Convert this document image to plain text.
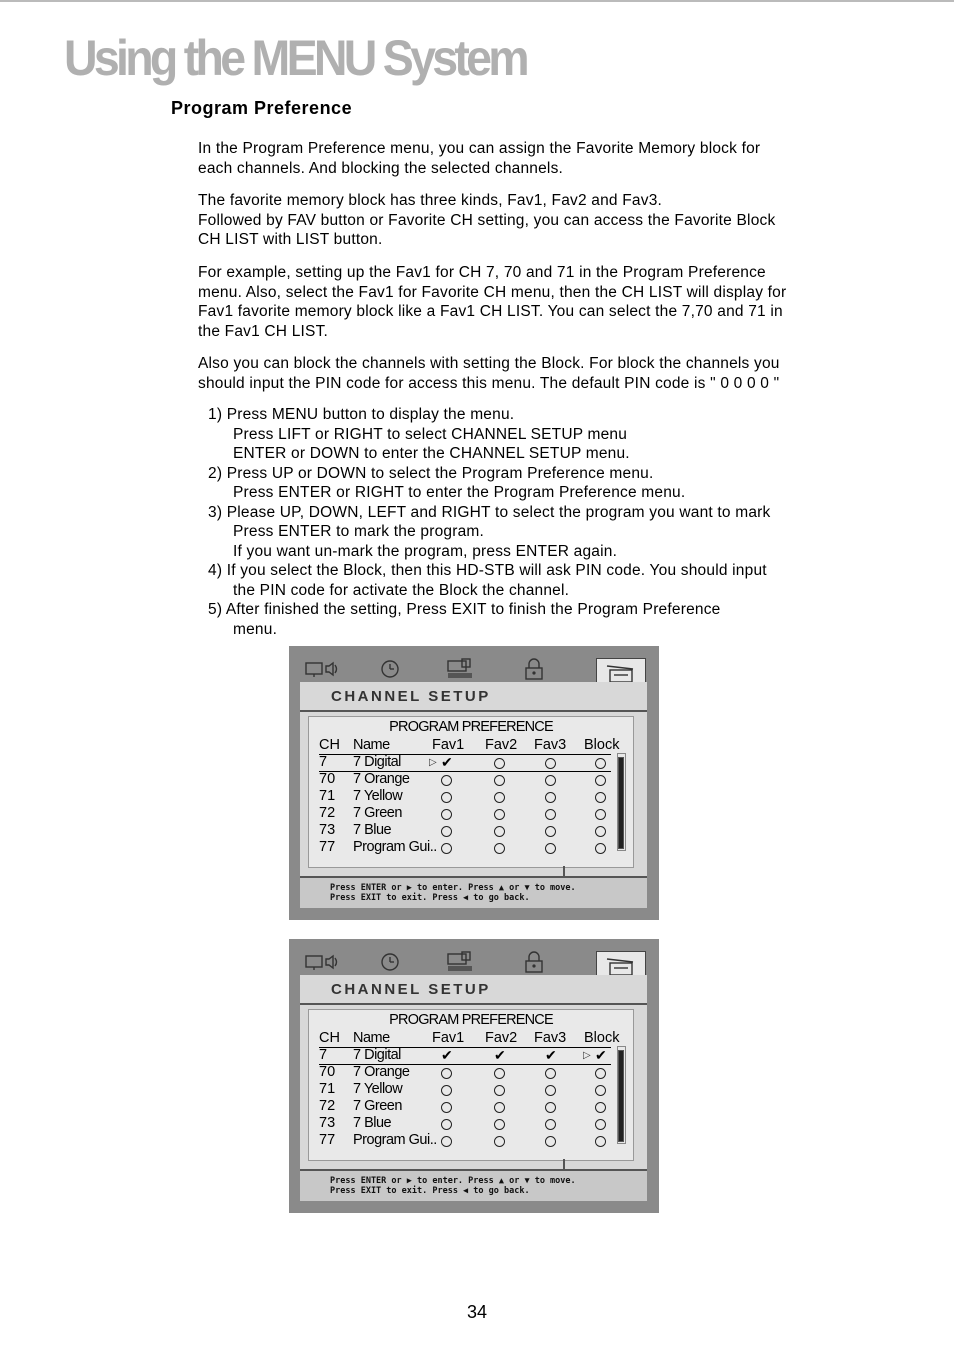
Using the MENU System
Program Preference
In the Program Preference menu, you can assign the Favorite Memory block for
each channels. And blocking the selected channels.
The favorite memory block has three kinds, Fav1, Fav2 and Fav3.
Followed by FAV button or Favorite CH setting, you can access the Favorite Block
CH LIST with LIST button.
For example, setting up the Fav1 for CH 7, 70 and 71 in the Program Preference
menu. Also, select the Fav1 for Favorite CH menu, then the CH LIST will display for
Fav1 favorite memory block like a Fav1 CH LIST. You can select the 7,70 and 71 in
the Fav1 CH LIST.
Also you can block the channels with setting the Block. For block the channels you
should input the PIN code for access this menu. The default PIN code is " 0 0 0 0 "
1) Press MENU button to display the menu.
Press LIFT or RIGHT to select CHANNEL SETUP menu
ENTER or DOWN to enter the CHANNEL SETUP menu.
2) Press UP or DOWN to select the Program Preference menu.
Press ENTER or RIGHT to enter the Program Preference menu.
3) Please UP, DOWN, LEFT and RIGHT to select the program you want to mark
Press ENTER to mark the program.
If you want un-mark the program, press ENTER again.
4) If you select the Block, then this HD-STB will ask PIN code. You should input
the PIN code for activate the Block the channel.
5) After finished the setting, Press EXIT to finish the Program Preference
menu.
CHANNEL SETUP
PROGRAM PREFERENCE
CH Name	Fav1 Fav2 Fav3 Block
7 7 Digital	▷ ✔
70 7 Orange
71 7 Yellow
72 7 Green
73 7 Blue
77 Program Gui..
Press ENTER or ▶ to enter. Press ▲ or ▼ to move.
Press EXIT to exit. Press ◀ to go back.
CHANNEL SETUP
PROGRAM PREFERENCE
CH Name	Fav1 Fav2 Fav3 Block
7 7 Digital	✔	✔	✔	▷ ✔
70 7 Orange
71 7 Yellow
72 7 Green
73 7 Blue
77 Program Gui..
Press ENTER or ▶ to enter. Press ▲ or ▼ to move.
Press EXIT to exit. Press ◀ to go back.
34
